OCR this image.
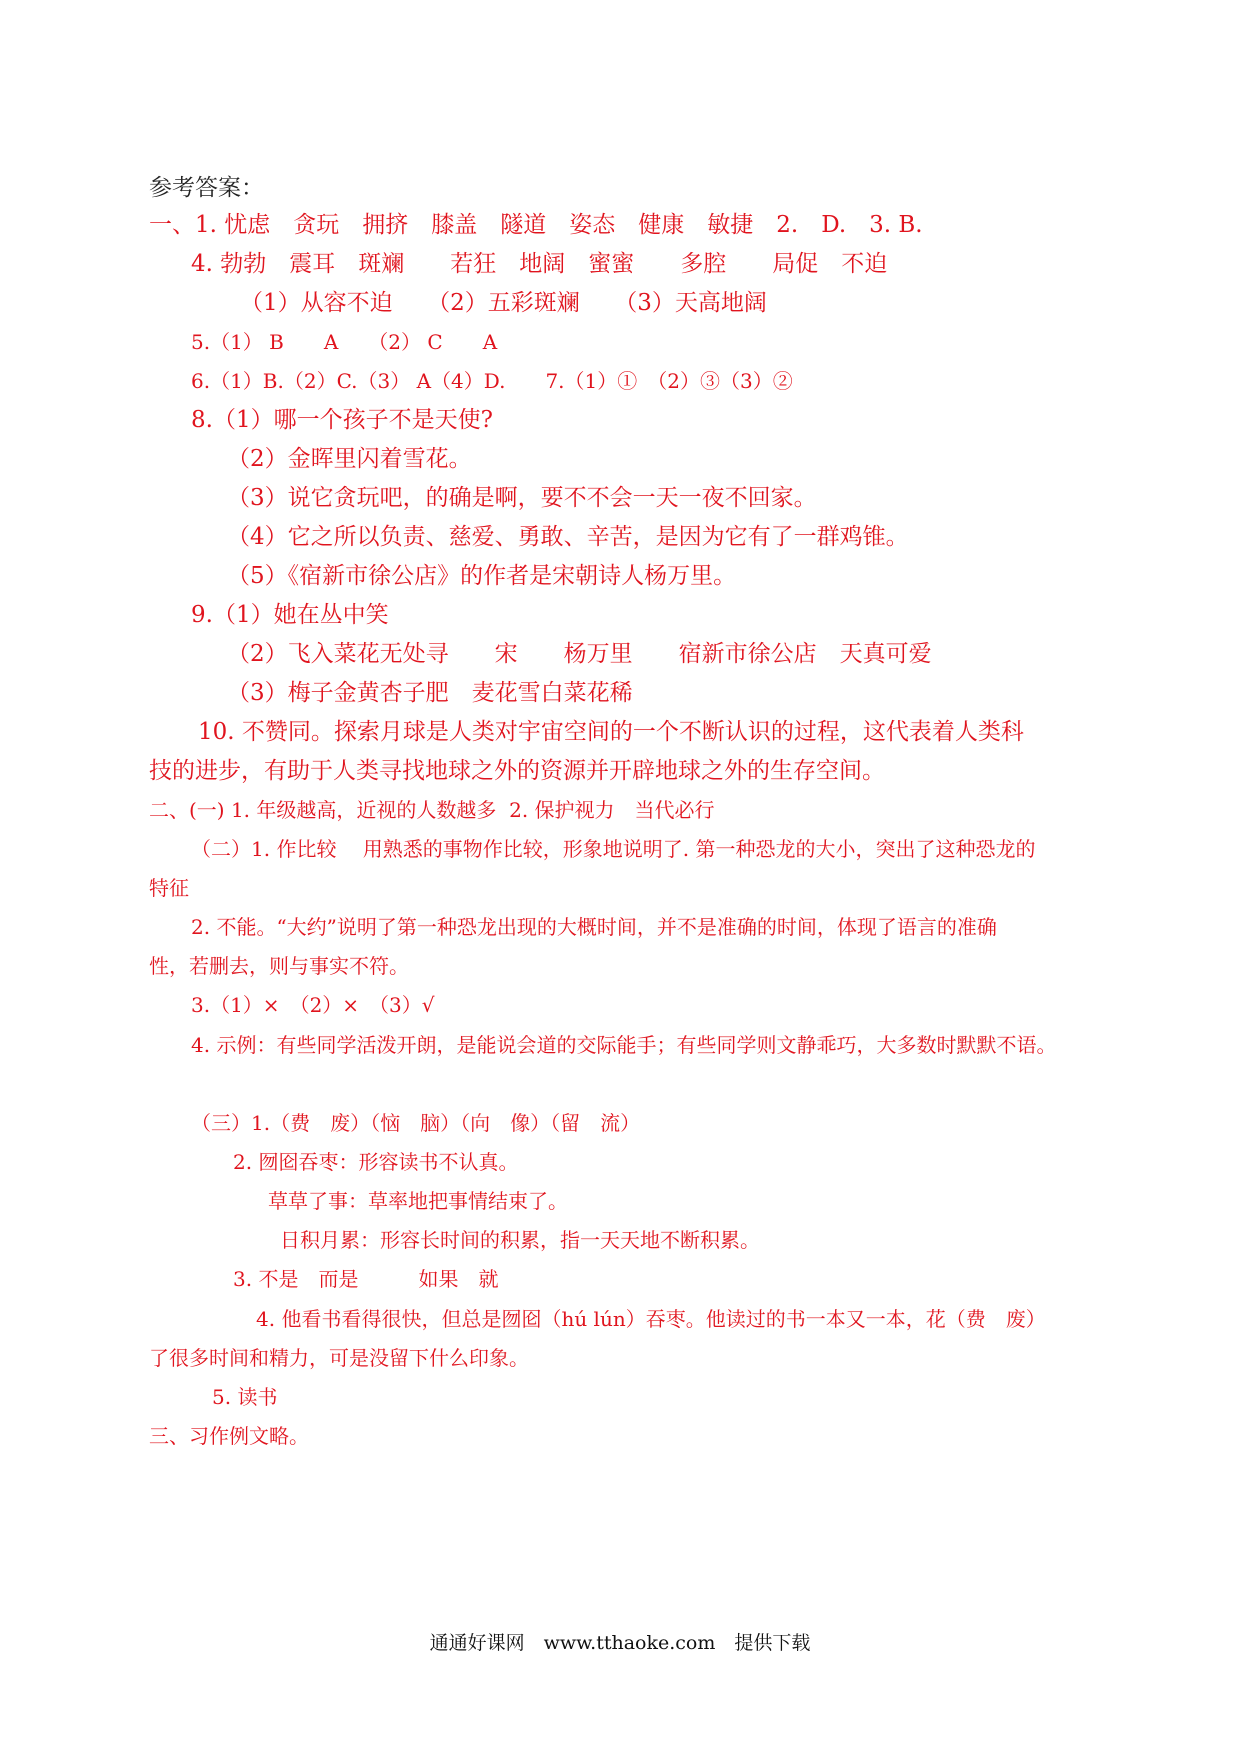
参考答案：
一、1. 忧虑　贪玩　拥挤　膝盖　隧道　姿态　健康　敏捷　2.　D.　3. B.
4. 勃勃　震耳　斑斓　　若狂　地阔　蜜蜜　　多腔　　局促　不迫
（1）从容不迫　　（2）五彩斑斓　　（3）天高地阔
5.（1） B　　A　　（2） C　　A
6.（1）B.（2）C.（3） A（4）D.　　7.（1）①　（2）③（3）②
8.（1）哪一个孩子不是天使?
（2）金晖里闪着雪花。
（3）说它贪玩吧，的确是啊，要不不会一天一夜不回家。
（4）它之所以负责、慈爱、勇敢、辛苦，是因为它有了一群鸡锥。
（5）《宿新市徐公店》的作者是宋朝诗人杨万里。
9.（1）她在丛中笑
（2）飞入菜花无处寻　　宋　　杨万里　　宿新市徐公店　天真可爱
（3）梅子金黄杏子肥　麦花雪白菜花稀
10. 不赞同。探索月球是人类对宇宙空间的一个不断认识的过程，这代表着人类科
技的进步，有助于人类寻找地球之外的资源并开辟地球之外的生存空间。
二、(一) 1. 年级越高，近视的人数越多  2. 保护视力　当代必行
（二）1. 作比较　 用熟悉的事物作比较，形象地说明了. 第一种恐龙的大小，突出了这种恐龙的
特征
2. 不能。“大约”说明了第一种恐龙出现的大概时间，并不是准确的时间，体现了语言的准确
性，若删去，则与事实不符。
3.（1）×　（2）×　（3）√
4. 示例：有些同学活泼开朗，是能说会道的交际能手；有些同学则文静乖巧，大多数时默默不语。
（三）1.（费　废）（恼　脑）（向　像）（留　流）
2. 囫囵吞枣：形容读书不认真。
草草了事：草率地把事情结束了。
日积月累：形容长时间的积累，指一天天地不断积累。
3. 不是　而是　　　如果　就
4. 他看书看得很快，但总是囫囵（hú lún）吞枣。他读过的书一本又一本，花（费　废）
了很多时间和精力，可是没留下什么印象。
5. 读书
三、习作例文略。
通通好课网　www.tthaoke.com　提供下载
